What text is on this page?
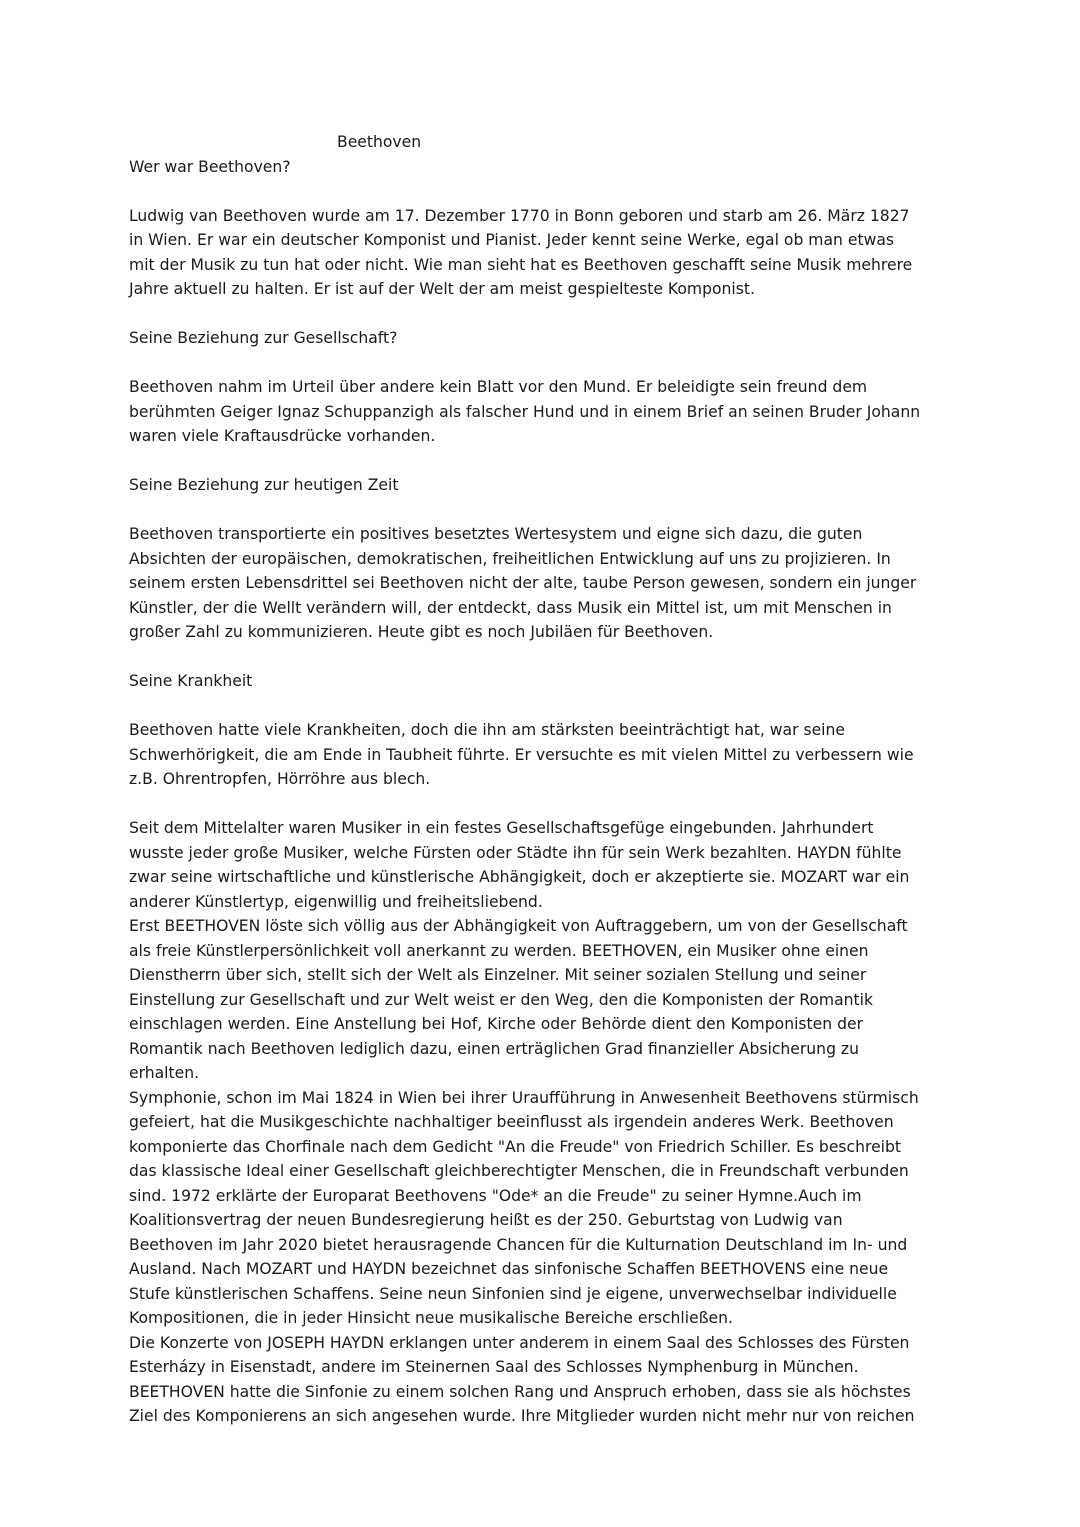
Beethoven

Wer war Beethoven?

Ludwig van Beethoven wurde am 17. Dezember 1770 in Bonn geboren und starb am 26. März 1827
in Wien. Er war ein deutscher Komponist und Pianist. Jeder kennt seine Werke, egal ob man etwas
mit der Musik zu tun hat oder nicht. Wie man sieht hat es Beethoven geschafft seine Musik mehrere
Jahre aktuell zu halten. Er ist auf der Welt der am meist gespielteste Komponist.

Seine Beziehung zur Gesellschaft?

Beethoven nahm im Urteil über andere kein Blatt vor den Mund. Er beleidigte sein freund dem
berühmten Geiger Ignaz Schuppanzigh als falscher Hund und in einem Brief an seinen Bruder Johann
waren viele Kraftausdrücke vorhanden.

Seine Beziehung zur heutigen Zeit

Beethoven transportierte ein positives besetztes Wertesystem und eigne sich dazu, die guten
Absichten der europäischen, demokratischen, freiheitlichen Entwicklung auf uns zu projizieren. In
seinem ersten Lebensdrittel sei Beethoven nicht der alte, taube Person gewesen, sondern ein junger
Künstler, der die Wellt verändern will, der entdeckt, dass Musik ein Mittel ist, um mit Menschen in
großer Zahl zu kommunizieren. Heute gibt es noch Jubiläen für Beethoven.

Seine Krankheit

Beethoven hatte viele Krankheiten, doch die ihn am stärksten beeinträchtigt hat, war seine
Schwerhörigkeit, die am Ende in Taubheit führte. Er versuchte es mit vielen Mittel zu verbessern wie
z.B. Ohrentropfen, Hörröhre aus blech.

Seit dem Mittelalter waren Musiker in ein festes Gesellschaftsgefüge eingebunden. Jahrhundert
wusste jeder große Musiker, welche Fürsten oder Städte ihn für sein Werk bezahlten. HAYDN fühlte
zwar seine wirtschaftliche und künstlerische Abhängigkeit, doch er akzeptierte sie. MOZART war ein
anderer Künstlertyp, eigenwillig und freiheitsliebend.

Erst BEETHOVEN löste sich völlig aus der Abhängigkeit von Auftraggebern, um von der Gesellschaft
als freie Künstlerpersönlichkeit voll anerkannt zu werden. BEETHOVEN, ein Musiker ohne einen
Dienstherrn über sich, stellt sich der Welt als Einzelner. Mit seiner sozialen Stellung und seiner
Einstellung zur Gesellschaft und zur Welt weist er den Weg, den die Komponisten der Romantik
einschlagen werden. Eine Anstellung bei Hof, Kirche oder Behörde dient den Komponisten der
Romantik nach Beethoven lediglich dazu, einen erträglichen Grad finanzieller Absicherung zu
erhalten.

Symphonie, schon im Mai 1824 in Wien bei ihrer Uraufführung in Anwesenheit Beethovens stürmisch
gefeiert, hat die Musikgeschichte nachhaltiger beeinflusst als irgendein anderes Werk. Beethoven
komponierte das Chorfinale nach dem Gedicht "An die Freude" von Friedrich Schiller. Es beschreibt
das klassische Ideal einer Gesellschaft gleichberechtigter Menschen, die in Freundschaft verbunden
sind. 1972 erklärte der Europarat Beethovens "Ode* an die Freude" zu seiner Hymne.Auch im
Koalitionsvertrag der neuen Bundesregierung heißt es der 250. Geburtstag von Ludwig van
Beethoven im Jahr 2020 bietet herausragende Chancen für die Kulturnation Deutschland im In- und
Ausland. Nach MOZART und HAYDN bezeichnet das sinfonische Schaffen BEETHOVENS eine neue
Stufe künstlerischen Schaffens. Seine neun Sinfonien sind je eigene, unverwechselbar individuelle
Kompositionen, die in jeder Hinsicht neue musikalische Bereiche erschließen.

Die Konzerte von JOSEPH HAYDN erklangen unter anderem in einem Saal des Schlosses des Fürsten
Esterházy in Eisenstadt, andere im Steinernen Saal des Schlosses Nymphenburg in München.
BEETHOVEN hatte die Sinfonie zu einem solchen Rang und Anspruch erhoben, dass sie als höchstes
Ziel des Komponierens an sich angesehen wurde. Ihre Mitglieder wurden nicht mehr nur von reichen
